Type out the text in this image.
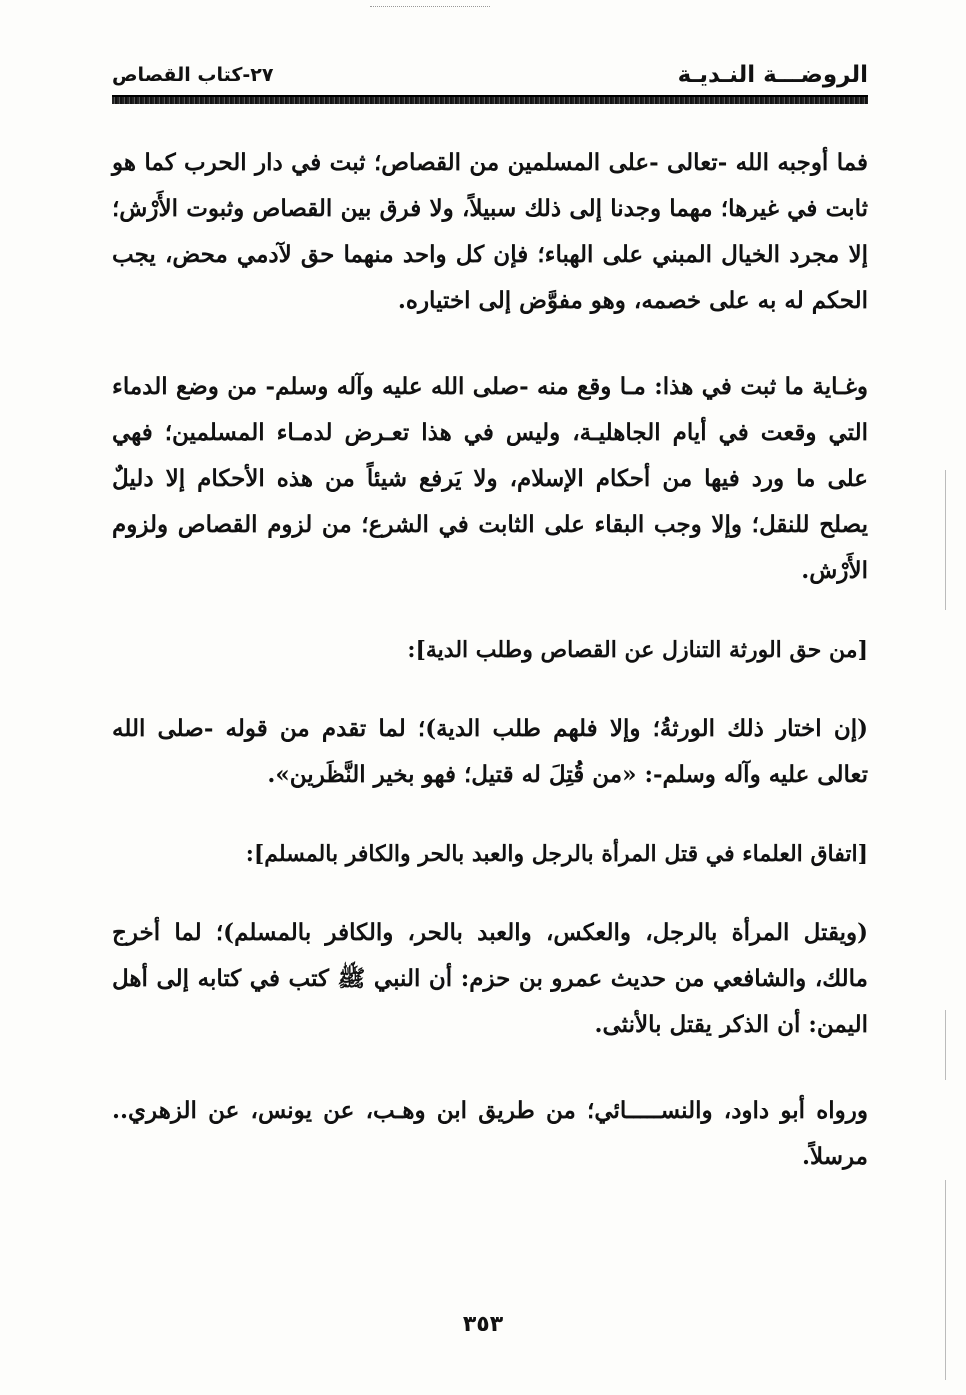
الروضـــة النـديـة
٢٧-كتاب القصاص

فما أوجبه الله -تعالى -على المسلمين من القصاص؛ ثبت في دار الحرب كما هو ثابت في غيرها؛ مهما وجدنا إلى ذلك سبيلاً، ولا فرق بين القصاص وثبوت الأَرْش؛ إلا مجرد الخيال المبني على الهباء؛ فإن كل واحد منهما حق لآدمي محض، يجب الحكم له به على خصمه، وهو مفوَّض إلى اختياره.

وغـاية ما ثبت في هذا: مـا وقع منه -صلى الله عليه وآله وسلم- من وضع الدماء التي وقعت في أيام الجاهليـة، وليس في هذا تعـرض لدمـاء المسلمين؛ فهي على ما ورد فيها من أحكام الإسلام، ولا يَرفع شيئاً من هذه الأحكام إلا دليلٌ يصلح للنقل؛ وإلا وجب البقاء على الثابت في الشرع؛ من لزوم القصاص ولزوم الأَرْش.

[من حق الورثة التنازل عن القصاص وطلب الدية]:

(إن اختار ذلك الورثةُ؛ وإلا فلهم طلب الدية)؛ لما تقدم من قوله -صلى الله تعالى عليه وآله وسلم-: «من قُتِلَ له قتيل؛ فهو بخير النَّظَرين».

[اتفاق العلماء في قتل المرأة بالرجل والعبد بالحر والكافر بالمسلم]:

(ويقتل المرأة بالرجل، والعكس، والعبد بالحر، والكافر بالمسلم)؛ لما أخرج مالك، والشافعي من حديث عمرو بن حزم: أن النبي ﷺ كتب في كتابه إلى أهل اليمن: أن الذكر يقتل بالأنثى.

ورواه أبو داود، والنســـــائي؛ من طريق ابن وهـب، عن يونس، عن الزهري.. مرسلاً.

٣٥٣
